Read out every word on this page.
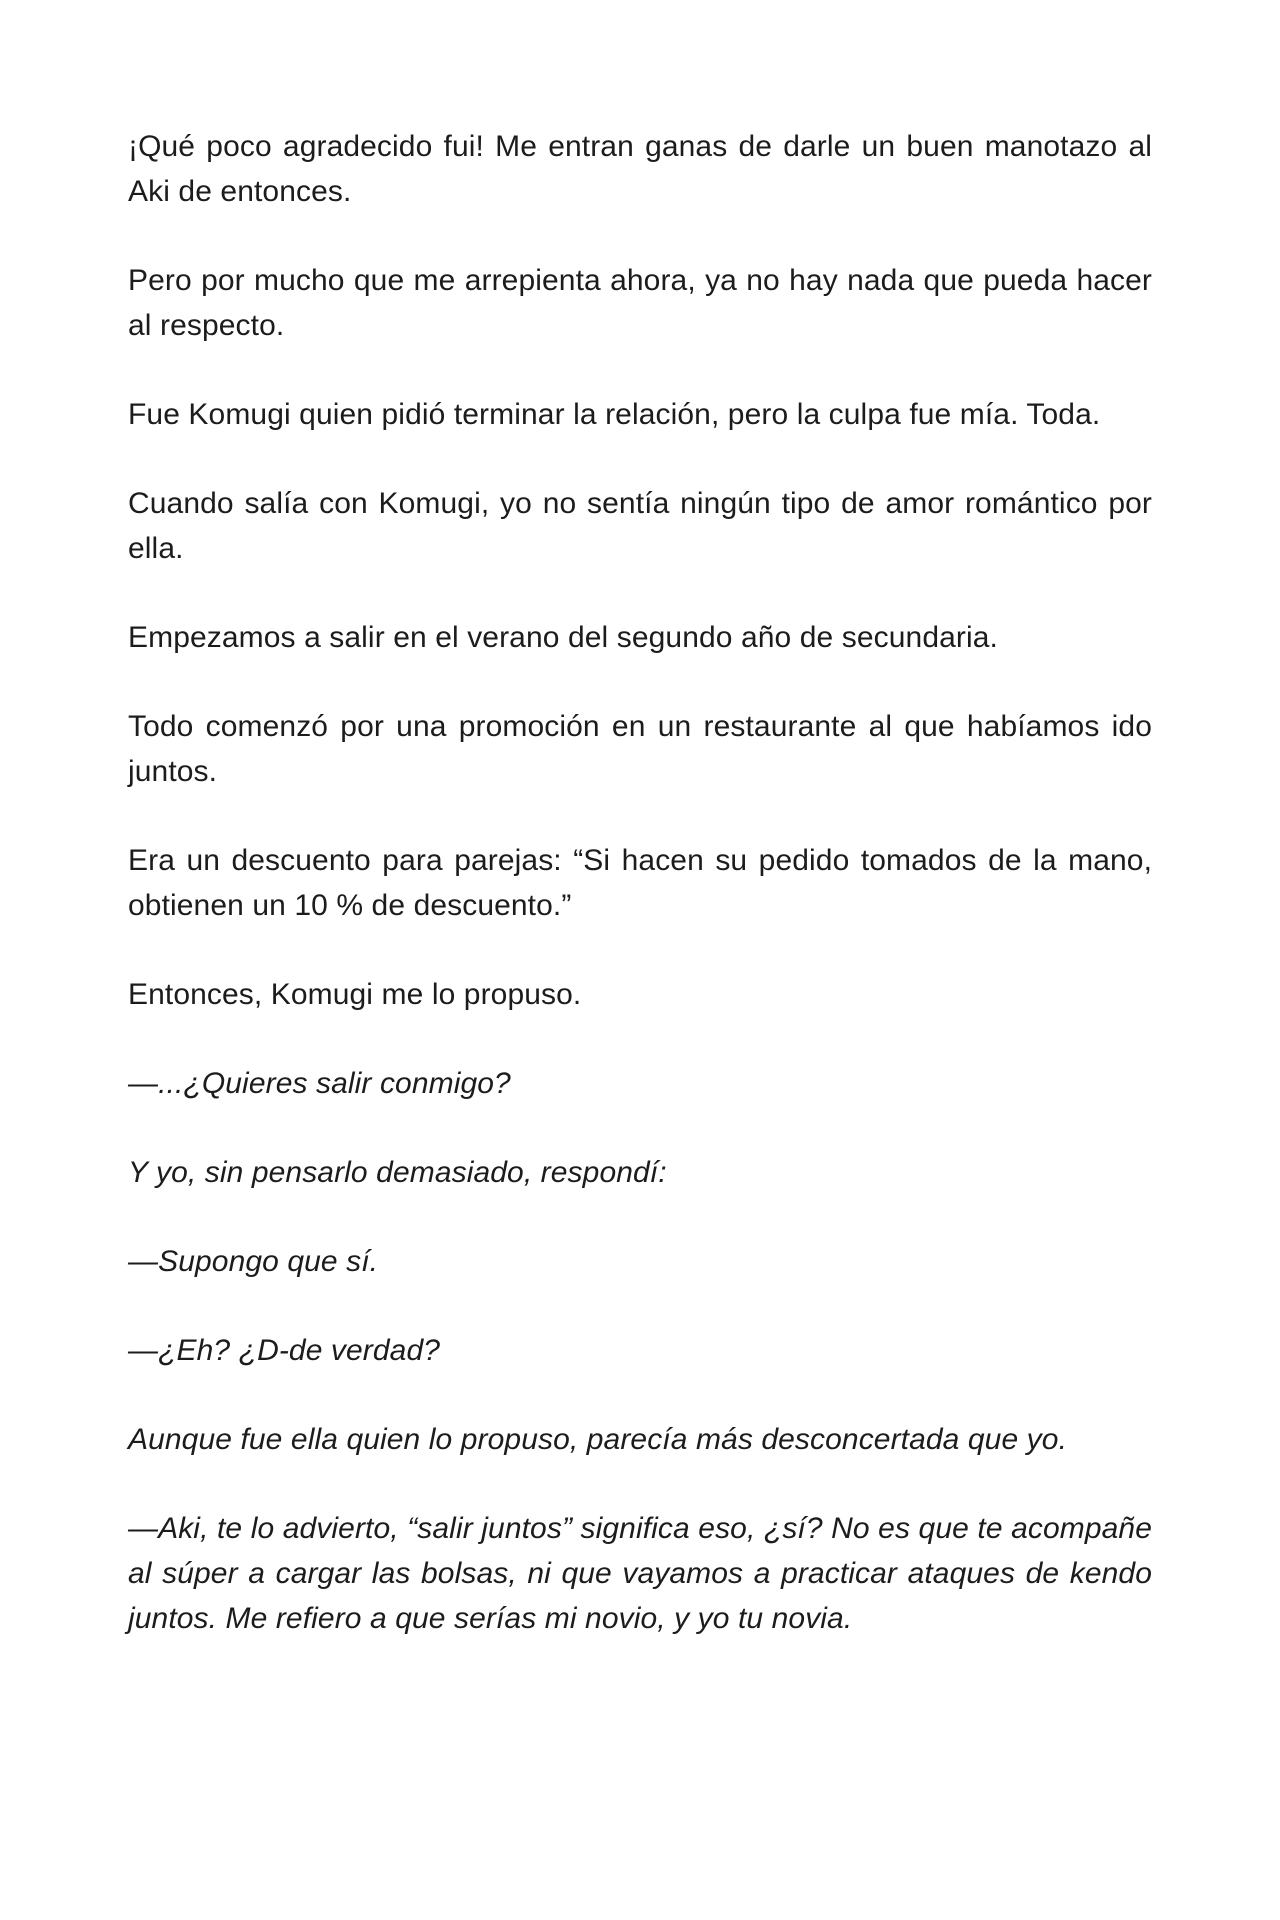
¡Qué poco agradecido fui! Me entran ganas de darle un buen manotazo al Aki de entonces.

Pero por mucho que me arrepienta ahora, ya no hay nada que pueda hacer al respecto.

Fue Komugi quien pidió terminar la relación, pero la culpa fue mía. Toda.

Cuando salía con Komugi, yo no sentía ningún tipo de amor romántico por ella.

Empezamos a salir en el verano del segundo año de secundaria.

Todo comenzó por una promoción en un restaurante al que habíamos ido juntos.

Era un descuento para parejas: “Si hacen su pedido tomados de la mano, obtienen un 10 % de descuento.”

Entonces, Komugi me lo propuso.

—...¿Quieres salir conmigo?

Y yo, sin pensarlo demasiado, respondí:

—Supongo que sí.

—¿Eh? ¿D-de verdad?

Aunque fue ella quien lo propuso, parecía más desconcertada que yo.

—Aki, te lo advierto, “salir juntos” significa eso, ¿sí? No es que te acompañe al súper a cargar las bolsas, ni que vayamos a practicar ataques de kendo juntos. Me refiero a que serías mi novio, y yo tu novia.
